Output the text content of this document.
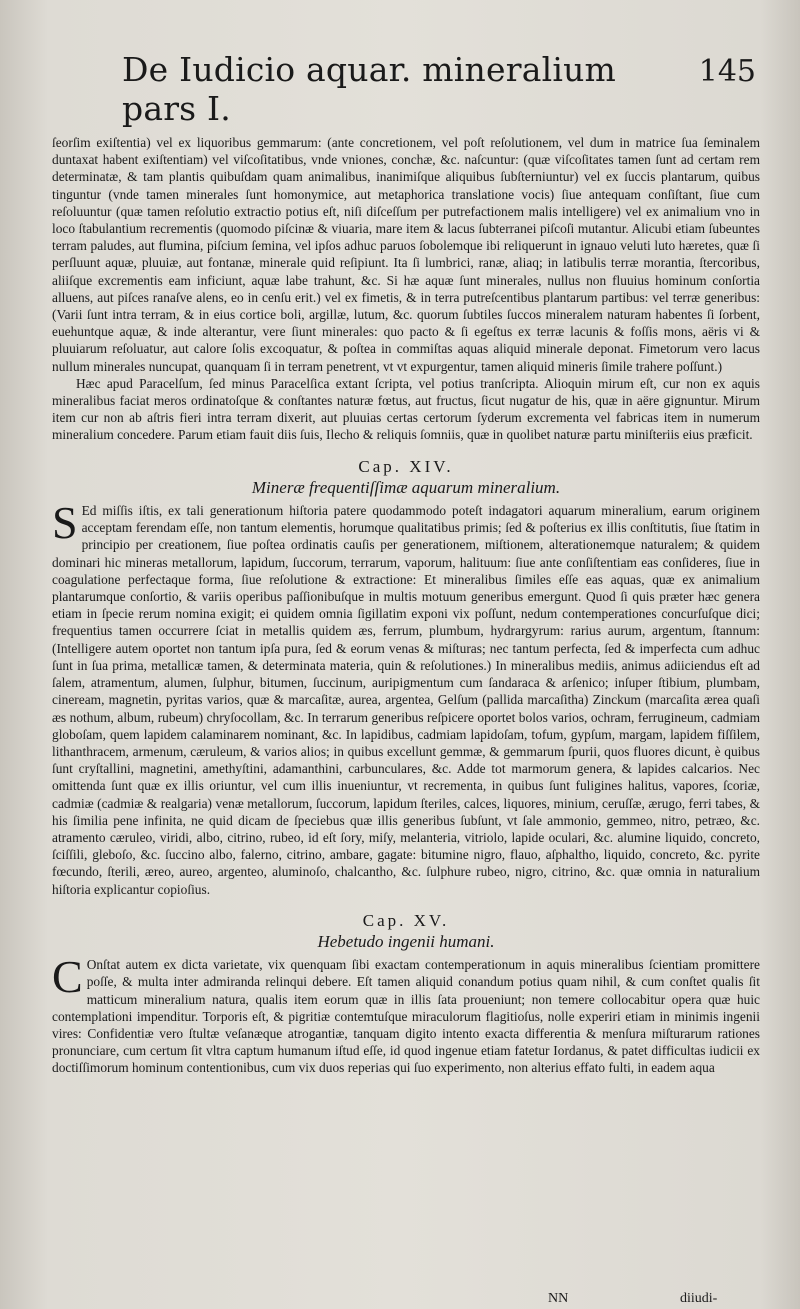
De Iudicio aquar. mineralium pars I.
145

ſeorſim exiſtentia) vel ex liquoribus gemmarum: (ante concretionem, vel poſt reſolutionem, vel dum in matrice ſua ſeminalem duntaxat habent exiſtentiam) vel viſcoſitatibus, vnde vniones, conchæ, &c. naſcuntur: (quæ viſcoſitates tamen ſunt ad certam rem determinatæ, & tam plantis quibuſdam quam animalibus, inanimiſque aliquibus ſubſterniuntur) vel ex ſuccis plantarum, quibus tinguntur (vnde tamen minerales ſunt homonymice, aut metaphorica translatione vocis) ſiue antequam conſiſtant, ſiue cum reſoluuntur (quæ tamen reſolutio extractio potius eſt, niſi diſceſſum per putrefactionem malis intelligere) vel ex animalium vno in loco ſtabulantium recrementis (quomodo piſcinæ & viuaria, mare item & lacus ſubterranei piſcoſi mutantur. Alicubi etiam ſubeuntes terram paludes, aut flumina, piſcium ſemina, vel ipſos adhuc paruos ſobolemque ibi reliquerunt in ignauo veluti luto hæretes, quæ ſi perſluunt aquæ, pluuiæ, aut fontanæ, minerale quid reſipiunt. Ita ſi lumbrici, ranæ, aliaq; in latibulis terræ morantia, ſtercoribus, aliiſque excrementis eam inficiunt, aquæ labe trahunt, &c. Si hæ aquæ ſunt minerales, nullus non fluuius hominum conſortia alluens, aut piſces ranaſve alens, eo in cenſu erit.) vel ex fimetis, & in terra putreſcentibus plantarum partibus: vel terræ generibus: (Varii ſunt intra terram, & in eius cortice boli, argillæ, lutum, &c. quorum ſubtiles ſuccos mineralem naturam habentes ſi ſorbent, euehuntque aquæ, & inde alterantur, vere ſiunt minerales: quo pacto & ſi egeſtus ex terræ lacunis & foſſis mons, aëris vi & pluuiarum reſoluatur, aut calore ſolis excoquatur, & poſtea in commiſtas aquas aliquid minerale deponat. Fimetorum vero lacus nullum minerales nuncupat, quanquam ſi in terram penetrent, vt vt expurgentur, tamen aliquid mineris ſimile trahere poſſunt.)

Hæc apud Paracelſum, ſed minus Paracelſica extant ſcripta, vel potius tranſcripta. Alioquin mirum eſt, cur non ex aquis mineralibus faciat meros ordinatoſque & conſtantes naturæ fœtus, aut fructus, ſicut nugatur de his, quæ in aëre gignuntur. Mirum item cur non ab aſtris fieri intra terram dixerit, aut pluuias certas certorum ſyderum excrementa vel fabricas item in numerum mineralium concedere. Parum etiam fauit diis ſuis, Ilecho & reliquis ſomniis, quæ in quolibet naturæ partu miniſteriis eius præficit.

Cap. XIV.
Mineræ frequentiſſimæ aquarum mineralium.

S Ed miſſis iſtis, ex tali generationum hiſtoria patere quodammodo poteſt indagatori aquarum mineralium, earum originem acceptam ferendam eſſe, non tantum elementis, horumque qualitatibus primis; ſed & poſterius ex illis conſtitutis, ſiue ſtatim in principio per creationem, ſiue poſtea ordinatis cauſis per generationem, miſtionem, alterationemque naturalem; & quidem dominari hic mineras metallorum, lapidum, ſuccorum, terrarum, vaporum, halituum: ſiue ante conſiſtentiam eas conſideres, ſiue in coagulatione perfectaque forma, ſiue reſolutione & extractione: Et mineralibus ſimiles eſſe eas aquas, quæ ex animalium plantarumque conſortio, & variis operibus paſſionibuſque in multis motuum generibus emergunt. Quod ſi quis præter hæc genera etiam in ſpecie rerum nomina exigit; ei quidem omnia ſigillatim exponi vix poſſunt, nedum contemperationes concurſuſque dici; frequentius tamen occurrere ſciat in metallis quidem æs, ferrum, plumbum, hydrargyrum: rarius aurum, argentum, ſtannum: (Intelligere autem oportet non tantum ipſa pura, ſed & eorum venas & miſturas; nec tantum perfecta, ſed & imperfecta cum adhuc ſunt in ſua prima, metallicæ tamen, & determinata materia, quin & reſolutiones.) In mineralibus mediis, animus adiiciendus eſt ad ſalem, atramentum, alumen, ſulphur, bitumen, ſuccinum, auripigmentum cum ſandaraca & arſenico; inſuper ſtibium, plumbam, cineream, magnetin, pyritas varios, quæ & marcaſitæ, aurea, argentea, Gelſum (pallida marcaſitha) Zinckum (marcaſita ærea quaſi æs nothum, album, rubeum) chryſocollam, &c. In terrarum generibus reſpicere oportet bolos varios, ochram, ferrugineum, cadmiam globoſam, quem lapidem calaminarem nominant, &c. In lapidibus, cadmiam lapidoſam, tofum, gypſum, margam, lapidem fiſſilem, lithanthracem, armenum, cæruleum, & varios alios; in quibus excellunt gemmæ, & gemmarum ſpurii, quos fluores dicunt, è quibus ſunt cryſtallini, magnetini, amethyſtini, adamanthini, carbunculares, &c. Adde tot marmorum genera, & lapides calcarios. Nec omittenda ſunt quæ ex illis oriuntur, vel cum illis inueniuntur, vt recrementa, in quibus ſunt fuligines halitus, vapores, ſcoriæ, cadmiæ (cadmiæ & realgaria) venæ metallorum, ſuccorum, lapidum ſteriles, calces, liquores, minium, ceruſſæ, ærugo, ferri tabes, & his ſimilia pene infinita, ne quid dicam de ſpeciebus quæ illis generibus ſubſunt, vt ſale ammonio, gemmeo, nitro, petræo, &c. atramento cæruleo, viridi, albo, citrino, rubeo, id eſt ſory, miſy, melanteria, vitriolo, lapide oculari, &c. alumine liquido, concreto, ſciſſili, gleboſo, &c. ſuccino albo, falerno, citrino, ambare, gagate: bitumine nigro, flauo, aſphaltho, liquido, concreto, &c. pyrite fœcundo, ſterili, æreo, aureo, argenteo, aluminoſo, chalcantho, &c. ſulphure rubeo, nigro, citrino, &c. quæ omnia in naturalium hiſtoria explicantur copioſius.

Cap. XV.
Hebetudo ingenii humani.

C Onſtat autem ex dicta varietate, vix quenquam ſibi exactam contemperationum in aquis mineralibus ſcientiam promittere poſſe, & multa inter admiranda relinqui debere. Eſt tamen aliquid conandum potius quam nihil, & cum conſtet qualis ſit matticum mineralium natura, qualis item eorum quæ in illis ſata proueniunt; non temere collocabitur opera quæ huic contemplationi impenditur. Torporis eſt, & pigritiæ contemtuſque miraculorum flagitioſus, nolle experiri etiam in minimis ingenii vires: Confidentiæ vero ſtultæ veſanæque atrogantiæ, tanquam digito intento exacta differentia & menſura miſturarum rationes pronunciare, cum certum ſit vltra captum humanum iſtud eſſe, id quod ingenue etiam fatetur Iordanus, & patet difficultas iudicii ex doctiſſimorum hominum contentionibus, cum vix duos reperias qui ſuo experimento, non alterius effato fulti, in eadem aqua

NN	diiudi-
